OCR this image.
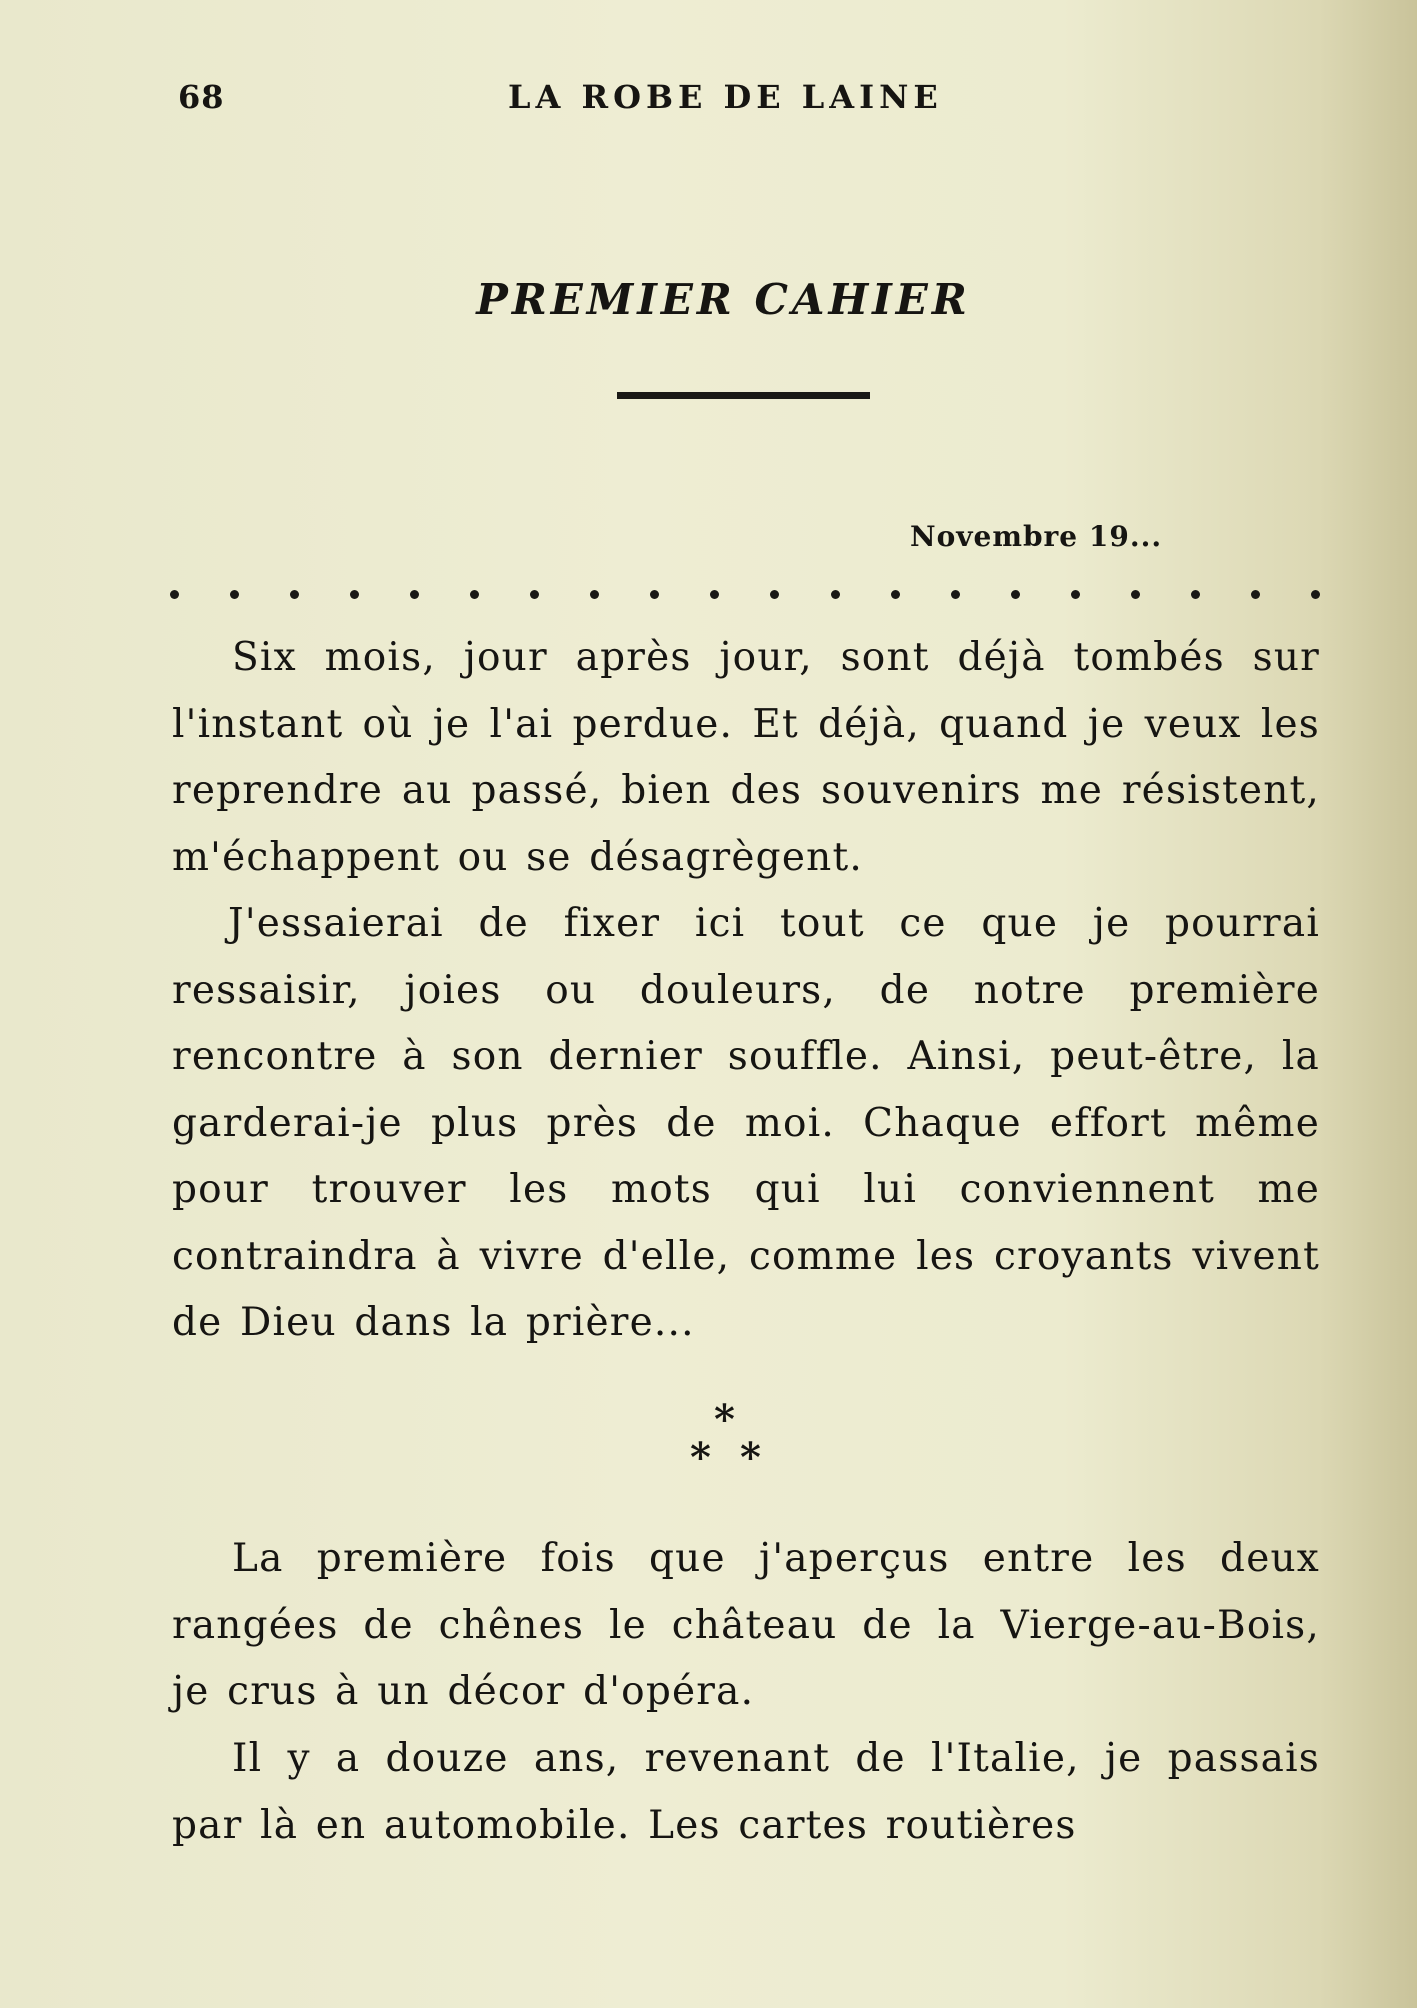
68	LA ROBE DE LAINE
PREMIER CAHIER
Novembre 19...

Six mois, jour après jour, sont déjà tombés sur l'instant où je l'ai perdue. Et déjà, quand je veux les reprendre au passé, bien des souvenirs me résistent, m'échappent ou se désagrègent.

J'essaierai de fixer ici tout ce que je pourrai ressaisir, joies ou douleurs, de notre première rencontre à son dernier souffle. Ainsi, peut-être, la garderai-je plus près de moi. Chaque effort même pour trouver les mots qui lui conviennent me contraindra à vivre d'elle, comme les croyants vivent de Dieu dans la prière...

*
* *

La première fois que j'aperçus entre les deux rangées de chênes le château de la Vierge-au-Bois, je crus à un décor d'opéra.

Il y a douze ans, revenant de l'Italie, je passais par là en automobile. Les cartes routières
